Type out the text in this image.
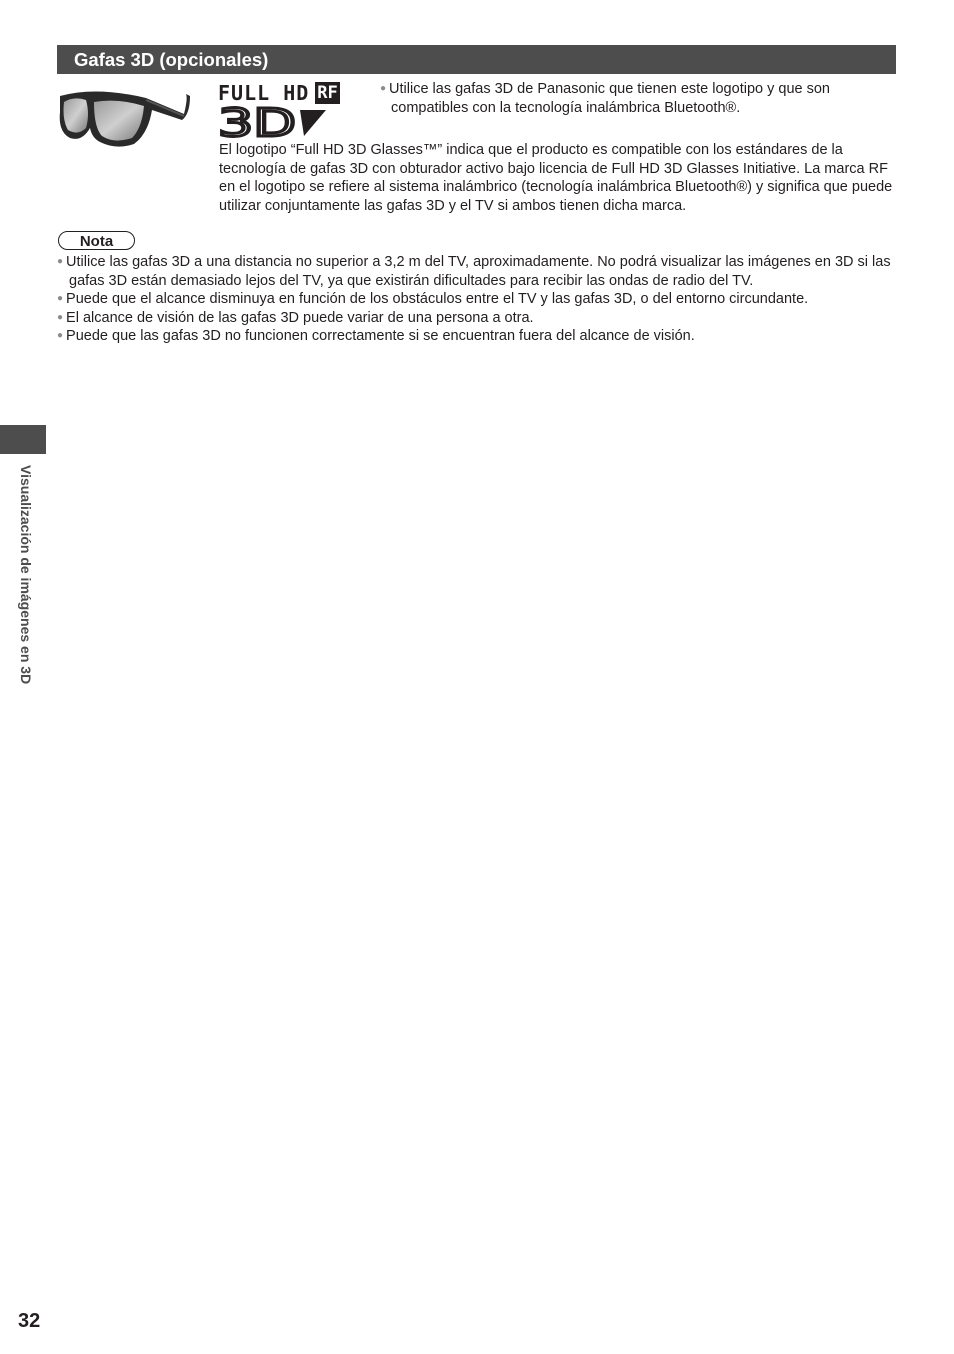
Gafas 3D (opcionales)
FULL HD RF
3D
● Utilice las gafas 3D de Panasonic que tienen este logotipo y que son compatibles con la tecnología inalámbrica Bluetooth®.
El logotipo “Full HD 3D Glasses™” indica que el producto es compatible con los estándares de la tecnología de gafas 3D con obturador activo bajo licencia de Full HD 3D Glasses Initiative. La marca RF en el logotipo se refiere al sistema inalámbrico (tecnología inalámbrica Bluetooth®) y significa que puede utilizar conjuntamente las gafas 3D y el TV si ambos tienen dicha marca.
Nota
● Utilice las gafas 3D a una distancia no superior a 3,2 m del TV, aproximadamente. No podrá visualizar las imágenes en 3D si las gafas 3D están demasiado lejos del TV, ya que existirán dificultades para recibir las ondas de radio del TV.
● Puede que el alcance disminuya en función de los obstáculos entre el TV y las gafas 3D, o del entorno circundante.
● El alcance de visión de las gafas 3D puede variar de una persona a otra.
● Puede que las gafas 3D no funcionen correctamente si se encuentran fuera del alcance de visión.
Visualización de imágenes en 3D
32
